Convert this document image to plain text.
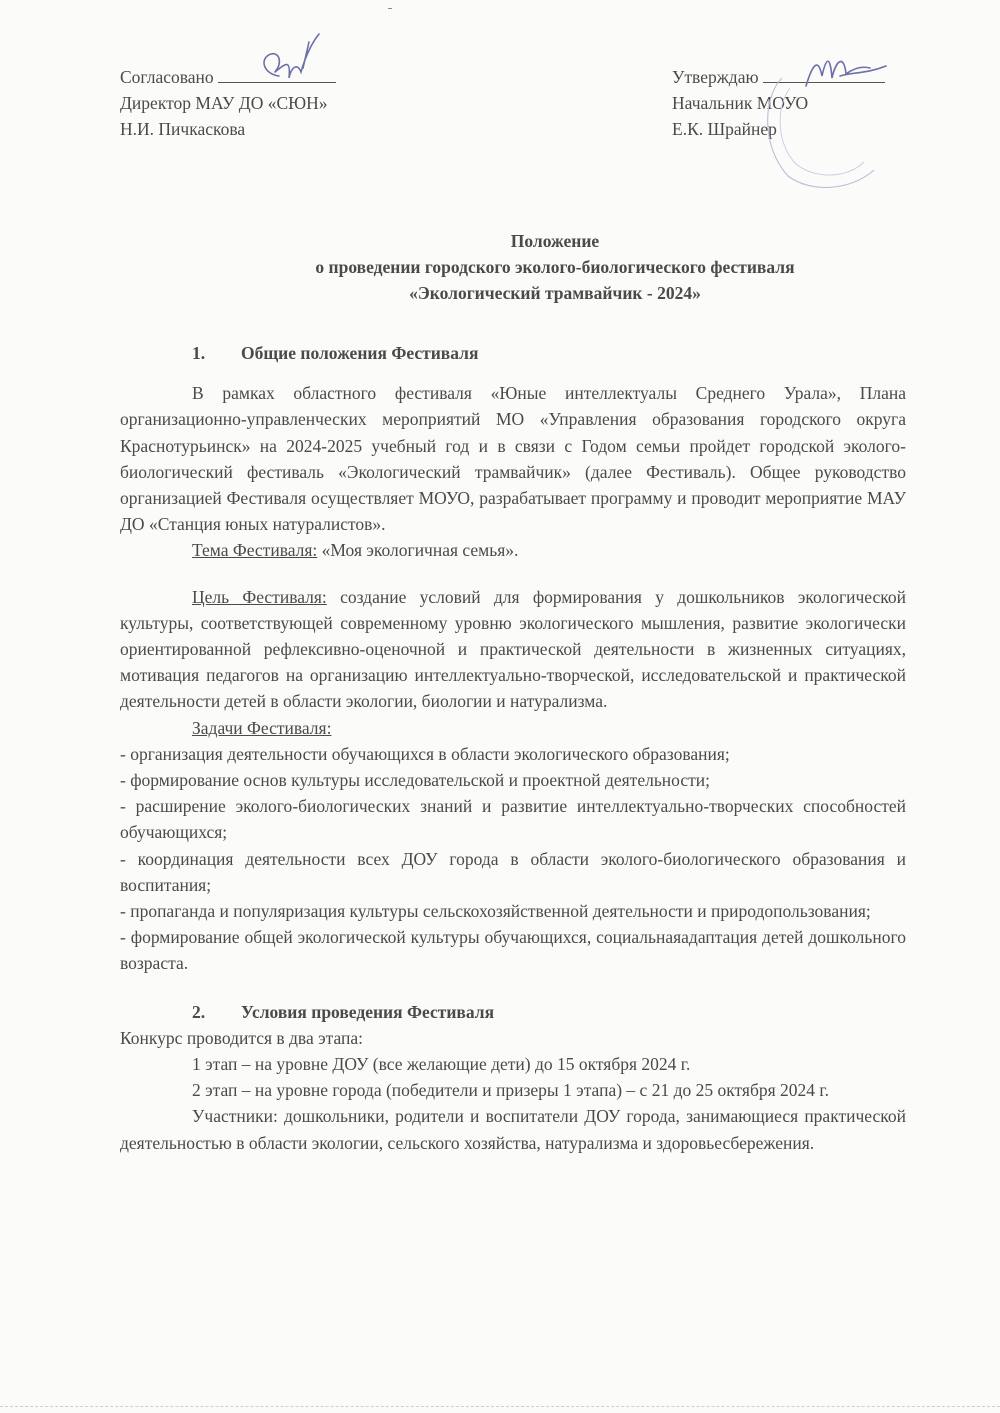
Согласовано
Директор МАУ ДО «СЮН»
Н.И. Пичкаскова
Утверждаю
Начальник МОУО
Е.К. Шрайнер
Положение
о проведении городского эколого-биологического фестиваля
«Экологический трамвайчик - 2024»
1. Общие положения Фестиваля

В рамках областного фестиваля «Юные интеллектуалы Среднего Урала», Плана организационно-управленческих мероприятий МО «Управления образования городского округа Краснотурьинск» на 2024-2025 учебный год и в связи с Годом семьи пройдет городской эколого-биологический фестиваль «Экологический трамвайчик» (далее Фестиваль). Общее руководство организацией Фестиваля осуществляет МОУО, разрабатывает программу и проводит мероприятие МАУ ДО «Станция юных натуралистов».

Тема Фестиваля: «Моя экологичная семья».

Цель Фестиваля: создание условий для формирования у дошкольников экологической культуры, соответствующей современному уровню экологического мышления, развитие экологически ориентированной рефлексивно-оценочной и практической деятельности в жизненных ситуациях, мотивация педагогов на организацию интеллектуально-творческой, исследовательской и практической деятельности детей в области экологии, биологии и натурализма.

Задачи Фестиваля:

- организация деятельности обучающихся в области экологического образования;

- формирование основ культуры исследовательской и проектной деятельности;

- расширение эколого-биологических знаний и развитие интеллектуально-творческих способностей обучающихся;

- координация деятельности всех ДОУ города в области эколого-биологического образования и воспитания;

- пропаганда и популяризация культуры сельскохозяйственной деятельности и природопользования;

- формирование общей экологической культуры обучающихся, социальнаяадаптация детей дошкольного возраста.

2. Условия проведения Фестиваля

Конкурс проводится в два этапа:

1 этап – на уровне ДОУ (все желающие дети) до 15 октября 2024 г.

2 этап – на уровне города (победители и призеры 1 этапа) – с 21 до 25 октября 2024 г.

Участники: дошкольники, родители и воспитатели ДОУ города, занимающиеся практической деятельностью в области экологии, сельского хозяйства, натурализма и здоровьесбережения.
